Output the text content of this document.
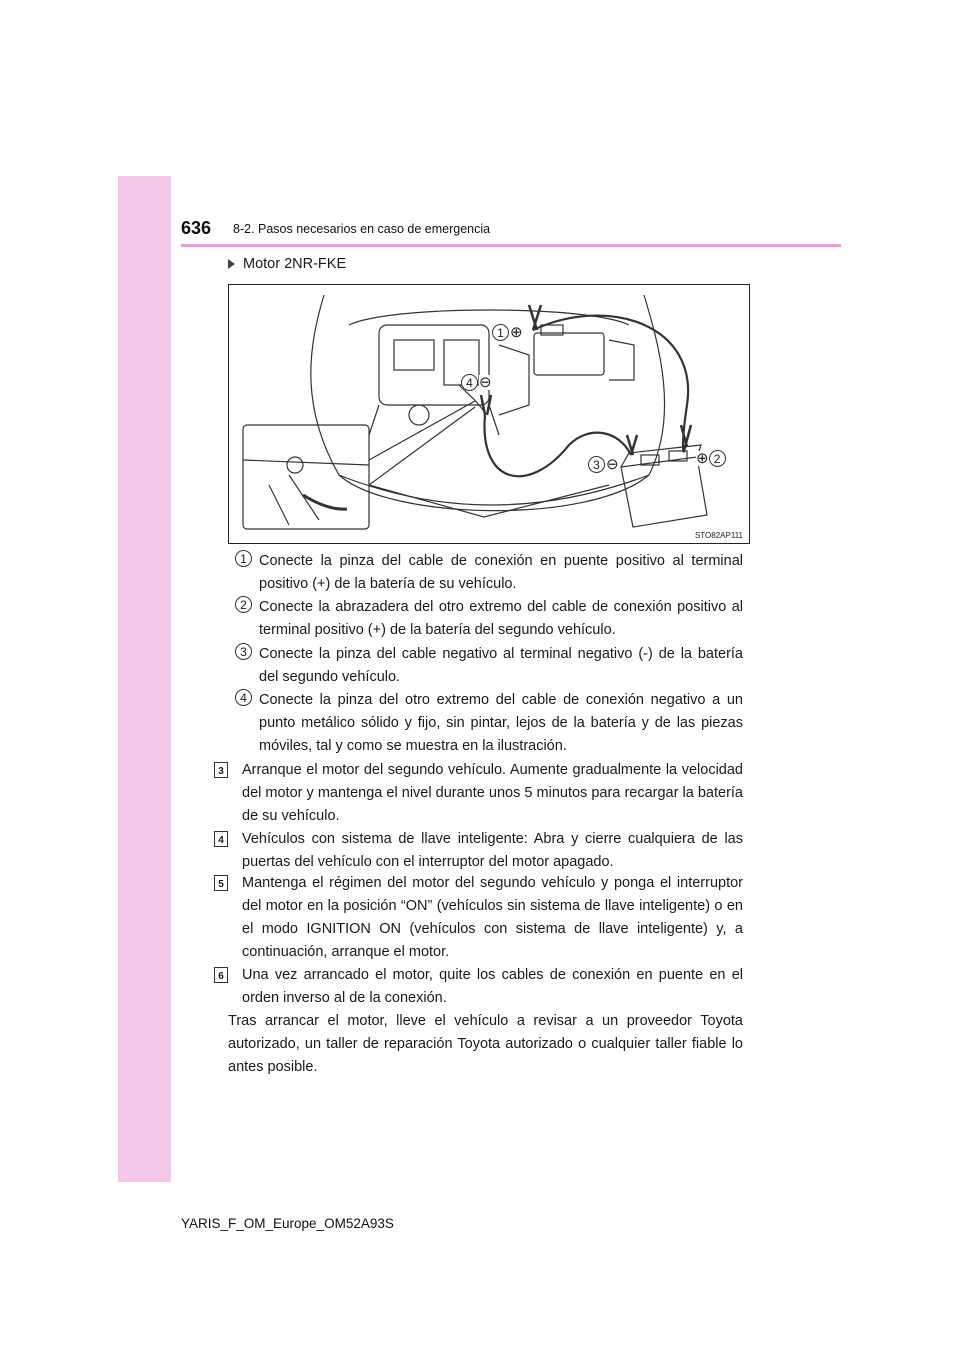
636 8-2. Pasos necesarios en caso de emergencia
Motor 2NR-FKE
1 ⊕
4 ⊖
⊕ 2
3 ⊖
STO82AP111
1 Conecte la pinza del cable de conexión en puente positivo al terminal positivo (+) de la batería de su vehículo.
2 Conecte la abrazadera del otro extremo del cable de conexión positivo al terminal positivo (+) de la batería del segundo vehículo.
3 Conecte la pinza del cable negativo al terminal negativo (-) de la batería del segundo vehículo.
4 Conecte la pinza del otro extremo del cable de conexión negativo a un punto metálico sólido y fijo, sin pintar, lejos de la batería y de las piezas móviles, tal y como se muestra en la ilustración.
3 Arranque el motor del segundo vehículo. Aumente gradualmente la velocidad del motor y mantenga el nivel durante unos 5 minutos para recargar la batería de su vehículo.
4 Vehículos con sistema de llave inteligente: Abra y cierre cualquiera de las puertas del vehículo con el interruptor del motor apagado.
5 Mantenga el régimen del motor del segundo vehículo y ponga el interruptor del motor en la posición “ON” (vehículos sin sistema de llave inteligente) o en el modo IGNITION ON (vehículos con sistema de llave inteligente) y, a continuación, arranque el motor.
6 Una vez arrancado el motor, quite los cables de conexión en puente en el orden inverso al de la conexión.
Tras arrancar el motor, lleve el vehículo a revisar a un proveedor Toyota autorizado, un taller de reparación Toyota autorizado o cualquier taller fiable lo antes posible.
YARIS_F_OM_Europe_OM52A93S
